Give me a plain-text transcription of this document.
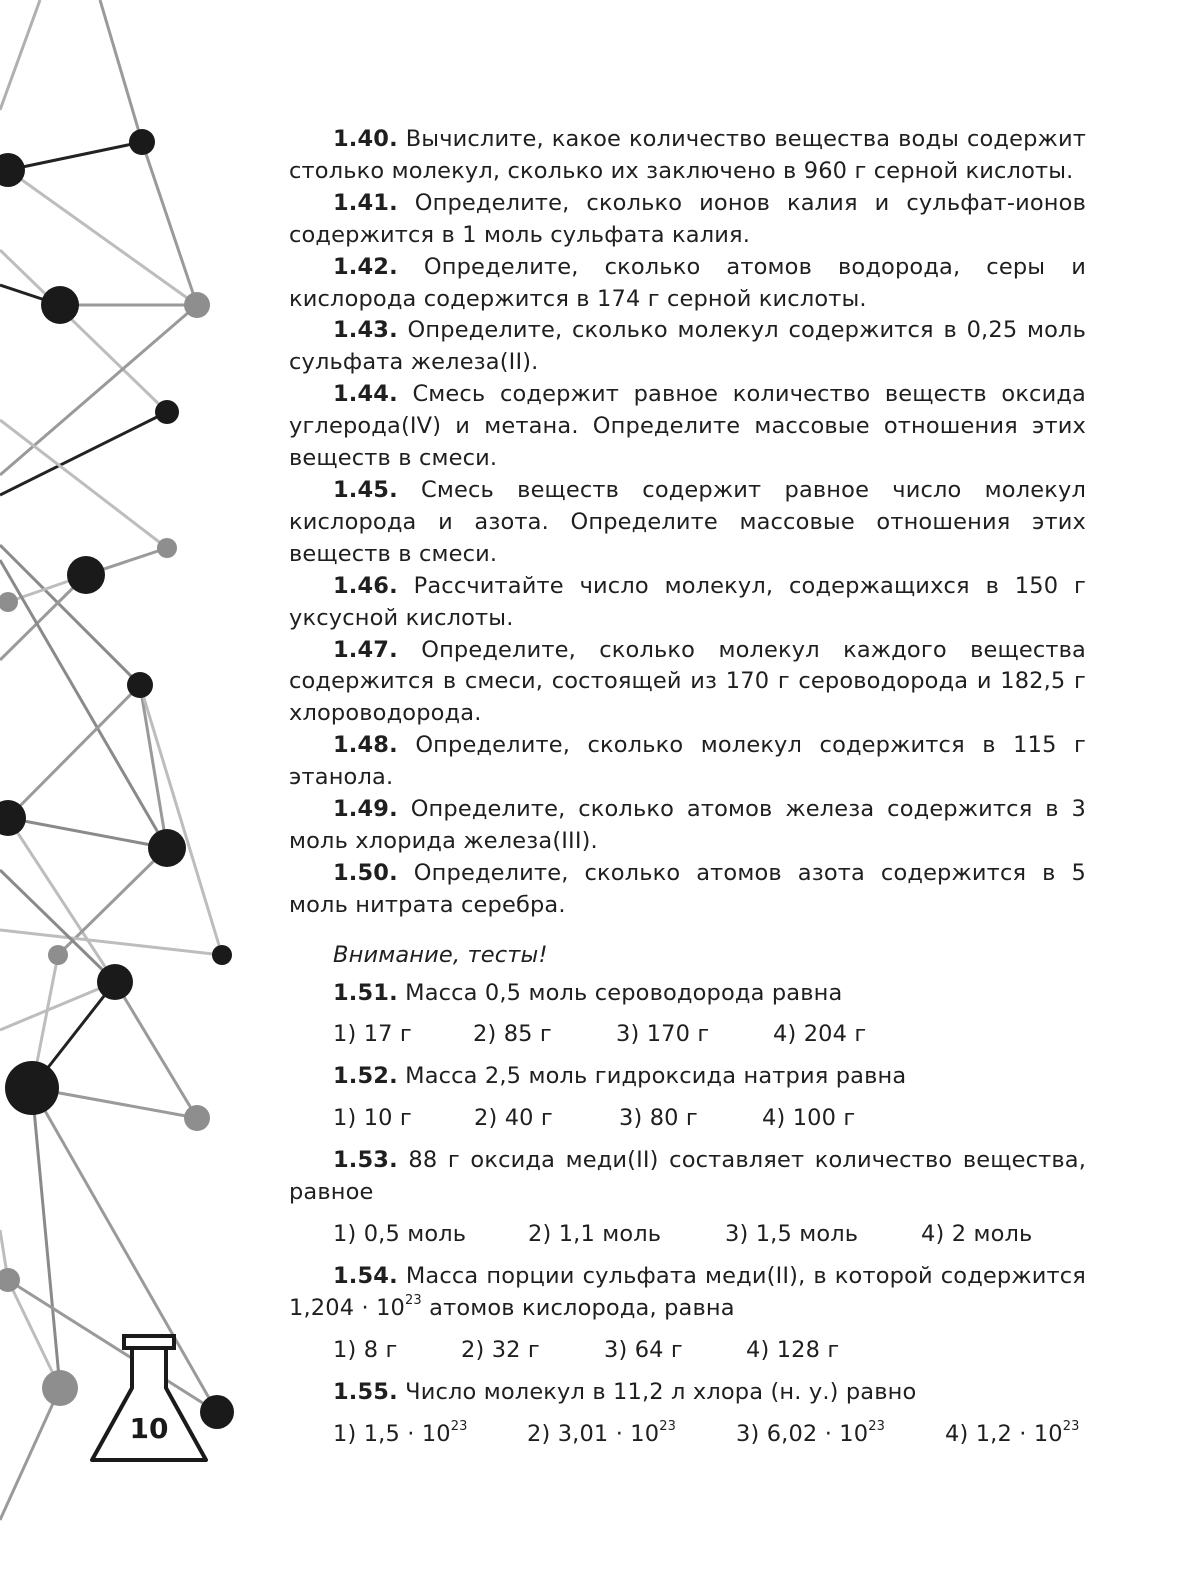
10

1.40. Вычислите, какое количество вещества воды содержит столько молекул, сколько их заключено в 960 г серной кислоты.

1.41. Определите, сколько ионов калия и сульфат-ионов содержится в 1 моль сульфата калия.

1.42. Определите, сколько атомов водорода, серы и кислорода содержится в 174 г серной кислоты.

1.43. Определите, сколько молекул содержится в 0,25 моль сульфата железа(II).

1.44. Смесь содержит равное количество веществ оксида углерода(IV) и метана. Определите массовые отношения этих веществ в смеси.

1.45. Смесь веществ содержит равное число молекул кислорода и азота. Определите массовые отношения этих веществ в смеси.

1.46. Рассчитайте число молекул, содержащихся в 150 г уксусной кислоты.

1.47. Определите, сколько молекул каждого вещества содержится в смеси, состоящей из 170 г сероводорода и 182,5 г хлороводорода.

1.48. Определите, сколько молекул содержится в 115 г этанола.

1.49. Определите, сколько атомов железа содержится в 3 моль хлорида железа(III).

1.50. Определите, сколько атомов азота содержится в 5 моль нитрата серебра.

Внимание, тесты!

1.51. Масса 0,5 моль сероводорода равна

1) 17 г	2) 85 г	3) 170 г	4) 204 г

1.52. Масса 2,5 моль гидроксида натрия равна

1) 10 г	2) 40 г	3) 80 г	4) 100 г

1.53. 88 г оксида меди(II) составляет количество вещества, равное

1) 0,5 моль	2) 1,1 моль	3) 1,5 моль	4) 2 моль

1.54. Масса порции сульфата меди(II), в которой содержится $1,204 \cdot 10^{23}$ атомов кислорода, равна

1) 8 г	2) 32 г	3) 64 г	4) 128 г

1.55. Число молекул в 11,2 л хлора (н. у.) равно

1) $1,5 \cdot 10^{23}$	2) $3,01 \cdot 10^{23}$	3) $6,02 \cdot 10^{23}$	4) $1,2 \cdot 10^{23}$
